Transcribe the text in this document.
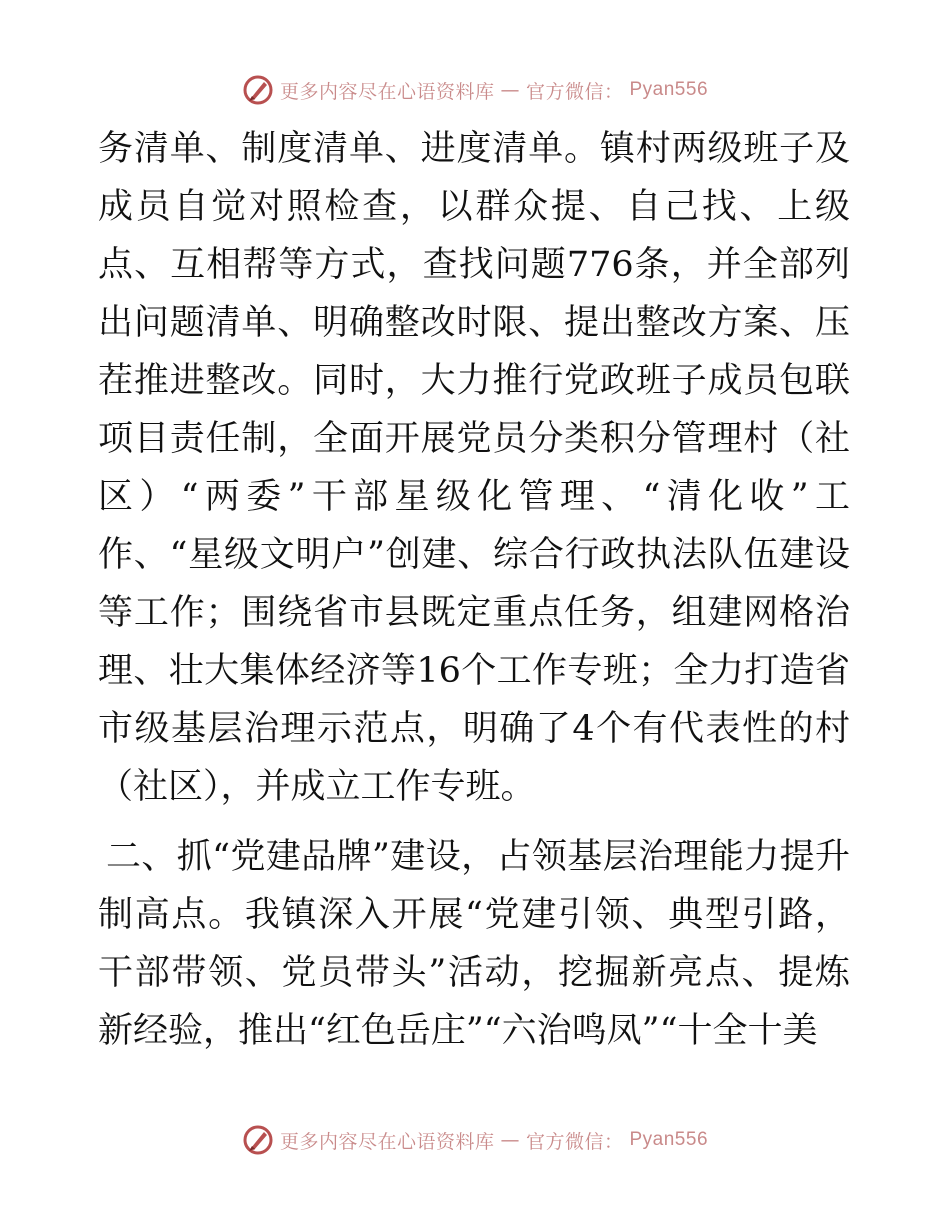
更多内容尽在心语资料库 — 官方微信： Pyan556

务清单、制度清单、进度清单。镇村两级班子及成员自觉对照检查，以群众提、自己找、上级点、互相帮等方式，查找问题776条，并全部列出问题清单、明确整改时限、提出整改方案、压茬推进整改。同时，大力推行党政班子成员包联项目责任制，全面开展党员分类积分管理村（社区）“两委”干部星级化管理、“清化收”工作、“星级文明户”创建、综合行政执法队伍建设等工作；围绕省市县既定重点任务，组建网格治理、壮大集体经济等16个工作专班；全力打造省市级基层治理示范点，明确了4个有代表性的村（社区），并成立工作专班。

二、抓“党建品牌”建设，占领基层治理能力提升制高点。我镇深入开展“党建引领、典型引路，干部带领、党员带头”活动，挖掘新亮点、提炼新经验，推出“红色岳庄”“六治鸣凤”“十全十美

更多内容尽在心语资料库 — 官方微信： Pyan556
